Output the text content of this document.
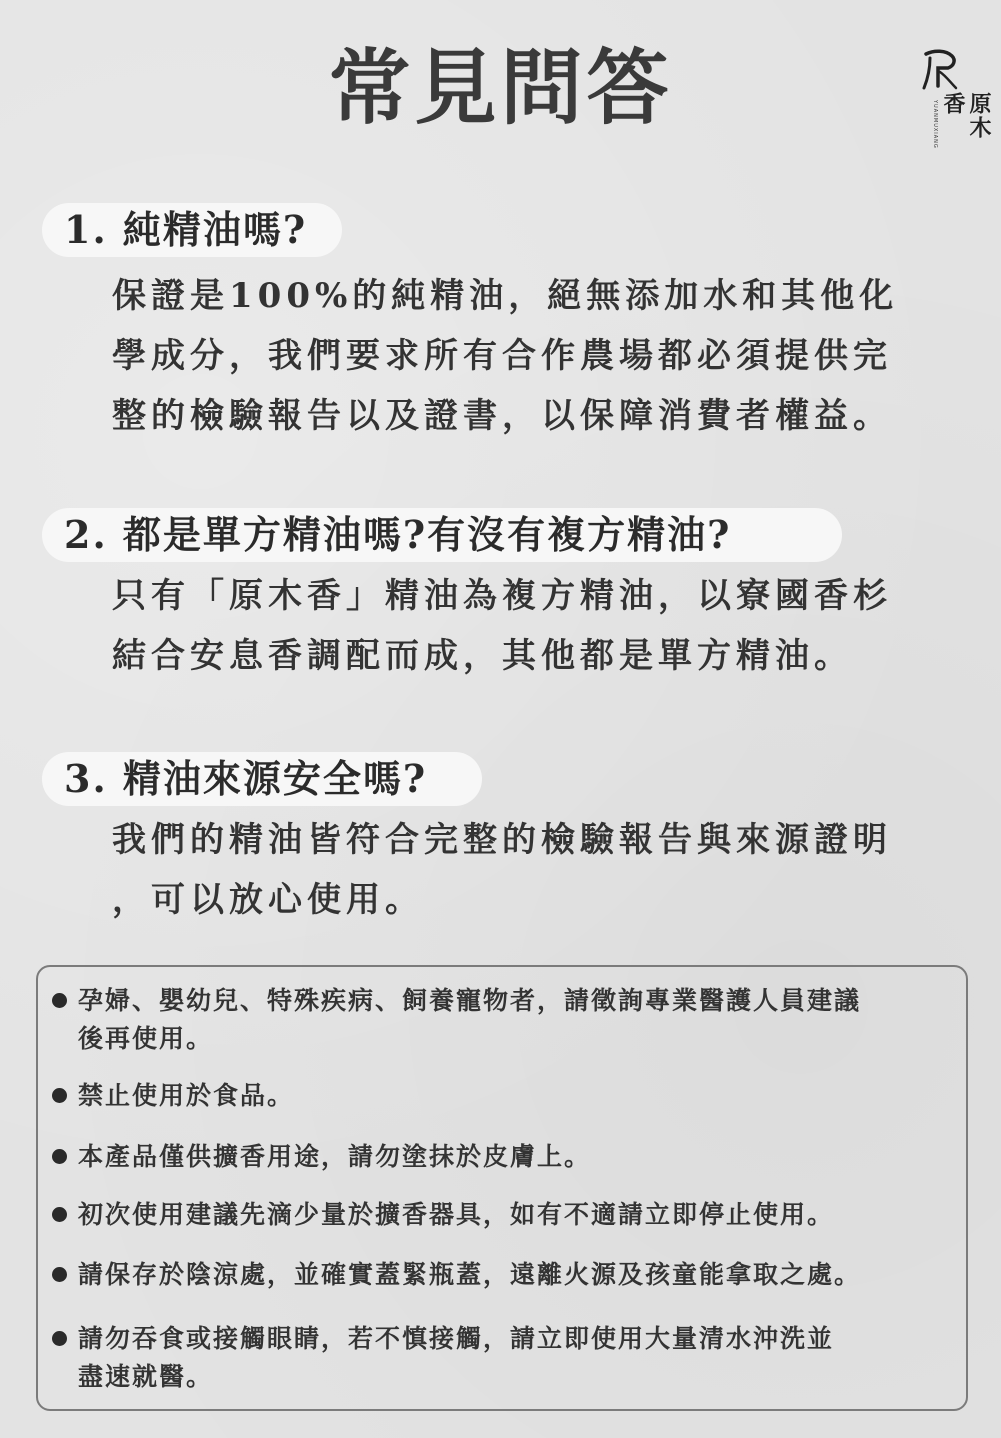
常見問答	YUANMUXIANG	原木香
1. 純精油嗎?
保證是100%的純精油，絕無添加水和其他化
學成分，我們要求所有合作農場都必須提供完
整的檢驗報告以及證書，以保障消費者權益。
2. 都是單方精油嗎?有沒有複方精油?
只有「原木香」精油為複方精油，以寮國香杉
結合安息香調配而成，其他都是單方精油。
3. 精油來源安全嗎?
我們的精油皆符合完整的檢驗報告與來源證明
，可以放心使用。
孕婦、嬰幼兒、特殊疾病、飼養寵物者，請徵詢專業醫護人員建議
後再使用。
禁止使用於食品。
本產品僅供擴香用途，請勿塗抹於皮膚上。
初次使用建議先滴少量於擴香器具，如有不適請立即停止使用。
請保存於陰涼處，並確實蓋緊瓶蓋，遠離火源及孩童能拿取之處。
請勿吞食或接觸眼睛，若不慎接觸，請立即使用大量清水沖洗並
盡速就醫。
